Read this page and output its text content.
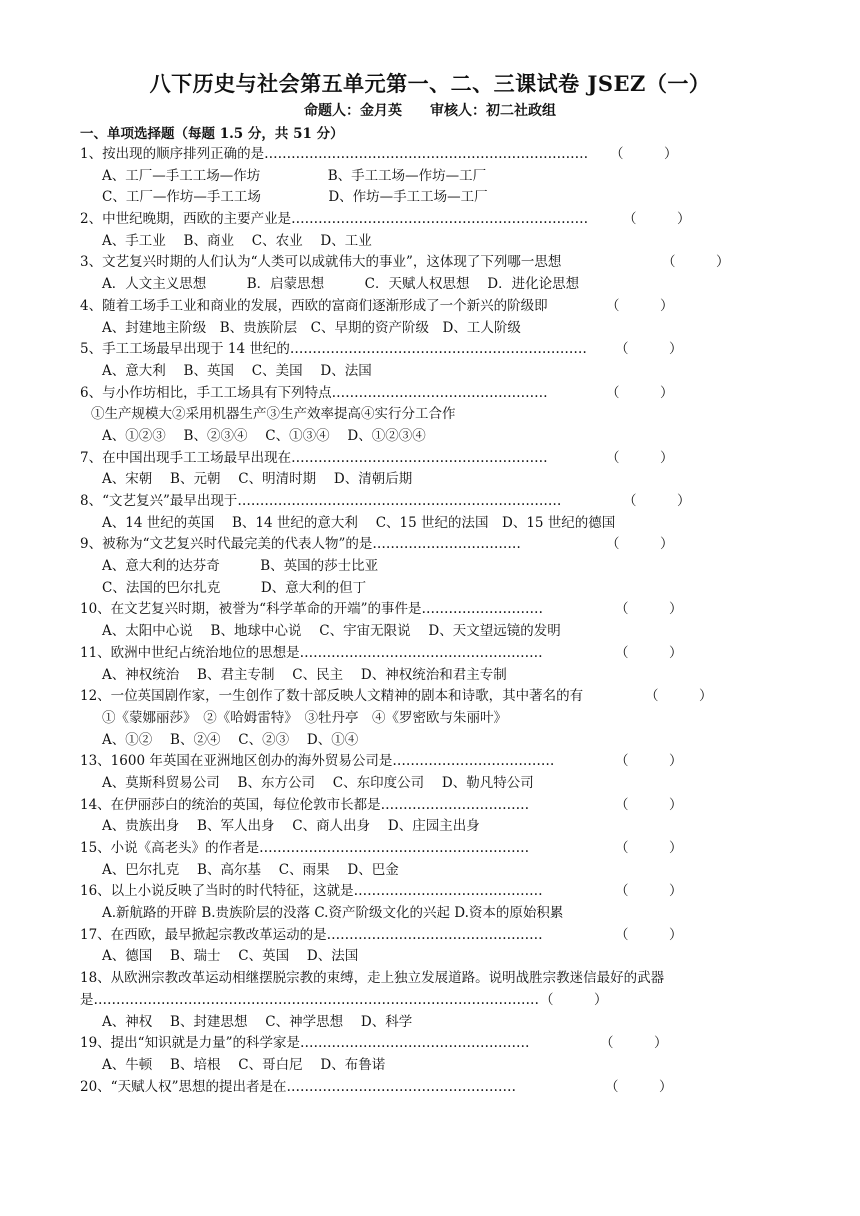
八下历史与社会第五单元第一、二、三课试卷 JSEZ（一）
命题人：金月英 审核人：初二社政组
一、单项选择题（每题 1.5 分，共 51 分）
1、按出现的顺序排列正确的是……………………………………………………………… （　　　）
A、工厂—手工工场—作坊　　　　　B、手工工场—作坊—工厂
C、工厂—作坊—手工工场　　　　　D、作坊—手工工场—工厂
2、中世纪晚期，西欧的主要产业是…………………………………………………………	（　　　）
A、手工业　 B、商业　 C、农业　 D、工业
3、文艺复兴时期的人们认为“人类可以成就伟大的事业”，这体现了下列哪一思想	（　　　）
A．人文主义思想　　　B．启蒙思想　　　C．天赋人权思想　 D．进化论思想
4、随着工场手工业和商业的发展，西欧的富商们逐渐形成了一个新兴的阶级即	（　　　）
A、封建地主阶级　B、贵族阶层　C、早期的资产阶级　D、工人阶级
5、手工工场最早出现于 14 世纪的………………………………………………………… （　　　）
A、意大利　 B、英国　 C、美国　 D、法国
6、与小作坊相比，手工工场具有下列特点…………………………………………	（　　　）
①生产规模大②采用机器生产③生产效率提高④实行分工合作
A、①②③　 B、②③④　 C、①③④　 D、①②③④
7、在中国出现手工工场最早出现在…………………………………………………	（　　　）
A、宋朝　 B、元朝　 C、明清时期　 D、清朝后期
8、“文艺复兴”最早出现于………………………………………………………………	（　　　）
A、14 世纪的英国　 B、14 世纪的意大利　 C、15 世纪的法国　D、15 世纪的德国
9、被称为“文艺复兴时代最完美的代表人物”的是……………………………	（　　　）
A、意大利的达芬奇　　　B、英国的莎士比亚
C、法国的巴尔扎克　　　D、意大利的但丁
10、在文艺复兴时期，被誉为“科学革命的开端”的事件是………………………	（　　　）
A、太阳中心说　 B、地球中心说　 C、宇宙无限说　 D、天文望远镜的发明
11、欧洲中世纪占统治地位的思想是………………………………………………	（　　　）
A、神权统治　 B、君主专制　 C、民主　 D、神权统治和君主专制
12、一位英国剧作家，一生创作了数十部反映人文精神的剧本和诗歌，其中著名的有	（　　　）
①《蒙娜丽莎》　②《哈姆雷特》　③牡丹亭　④《罗密欧与朱丽叶》
A、①②　 B、②④　 C、②③　 D、①④
13、1600 年英国在亚洲地区创办的海外贸易公司是………………………………	（　　　）
A、莫斯科贸易公司　 B、东方公司　 C、东印度公司　 D、勒凡特公司
14、在伊丽莎白的统治的英国，每位伦敦市长都是……………………………	（　　　）
A、贵族出身　 B、军人出身　 C、商人出身　 D、庄园主出身
15、小说《高老头》的作者是……………………………………………………	（　　　）
A、巴尔扎克　 B、高尔基　 C、雨果　 D、巴金
16、以上小说反映了当时的时代特征，这就是……………………………………	（　　　）
A.新航路的开辟 B.贵族阶层的没落 C.资产阶级文化的兴起 D.资本的原始积累
17、在西欧，最早掀起宗教改革运动的是…………………………………………	（　　　）
A、德国　 B、瑞士　 C、英国　 D、法国
18、从欧洲宗教改革运动相继摆脱宗教的束缚，走上独立发展道路。说明战胜宗教迷信最好的武器
是……………………………………………………………………………………… （　　　）
A、神权　 B、封建思想　 C、神学思想　 D、科学
19、提出“知识就是力量”的科学家是……………………………………………	（　　　）
A、牛顿　 B、培根　 C、哥白尼　 D、布鲁诺
20、“天赋人权”思想的提出者是在……………………………………………	（　　　）
